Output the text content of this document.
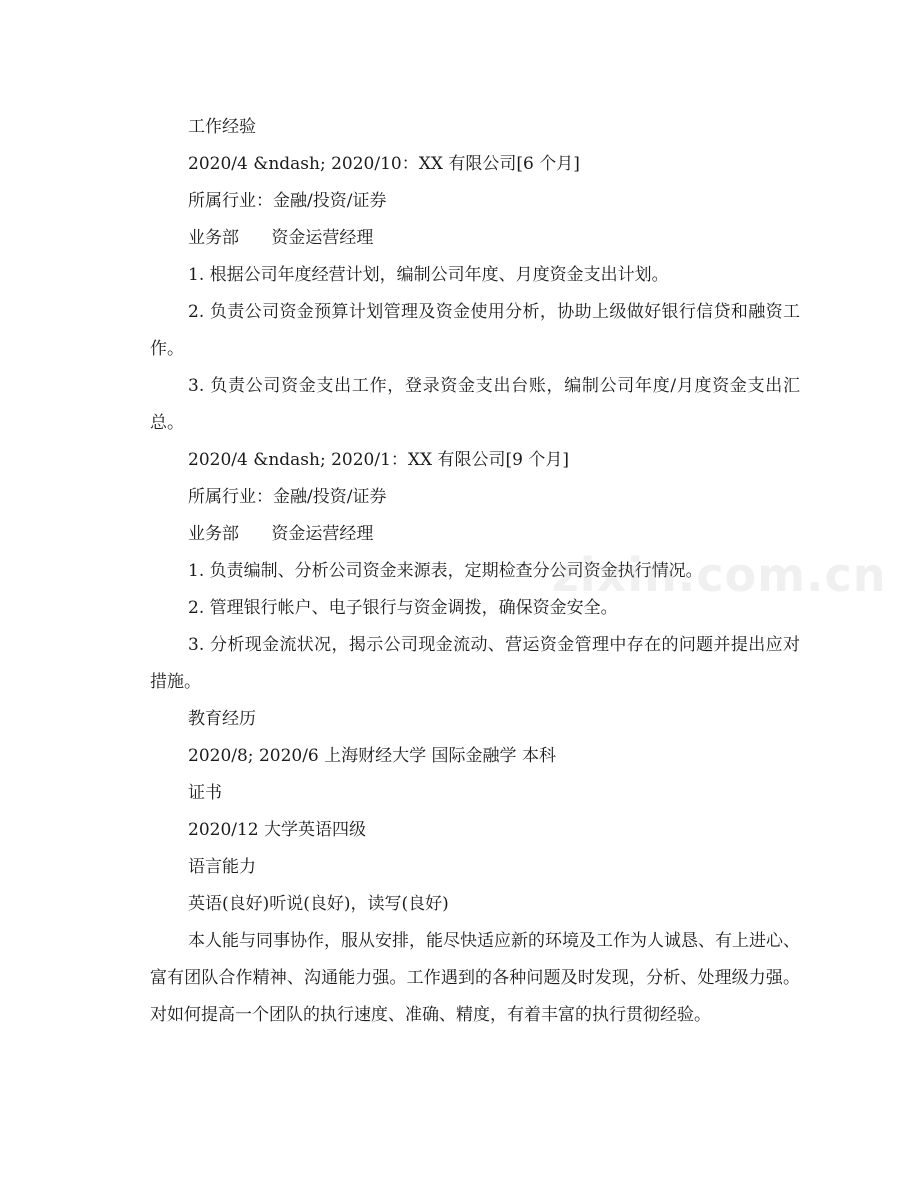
工作经验
2020/4 &ndash; 2020/10：XX 有限公司[6 个月]
所属行业：金融/投资/证券
业务部      资金运营经理
1. 根据公司年度经营计划，编制公司年度、月度资金支出计划。
2. 负责公司资金预算计划管理及资金使用分析，协助上级做好银行信贷和融资工作。
3. 负责公司资金支出工作，登录资金支出台账，编制公司年度/月度资金支出汇总。
2020/4 &ndash; 2020/1：XX 有限公司[9 个月]
所属行业：金融/投资/证券
业务部      资金运营经理
1. 负责编制、分析公司资金来源表，定期检查分公司资金执行情况。
2. 管理银行帐户、电子银行与资金调拨，确保资金安全。
3. 分析现金流状况，揭示公司现金流动、营运资金管理中存在的问题并提出应对措施。
教育经历
2020/8; 2020/6 上海财经大学 国际金融学 本科
证书
2020/12 大学英语四级
语言能力
英语(良好)听说(良好)，读写(良好)
本人能与同事协作，服从安排，能尽快适应新的环境及工作为人诚恳、有上进心、富有团队合作精神、沟通能力强。工作遇到的各种问题及时发现，分析、处理级力强。对如何提高一个团队的执行速度、准确、精度，有着丰富的执行贯彻经验。
zixin.com.cn
